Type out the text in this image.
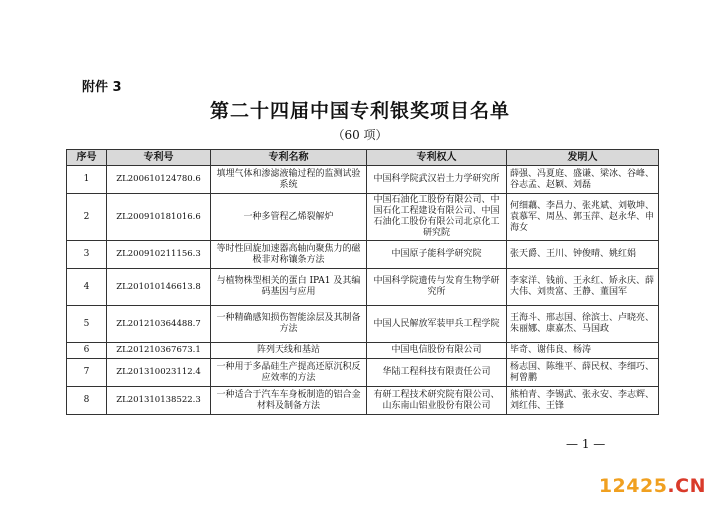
附件 3
第二十四届中国专利银奖项目名单
（60 项）
序号	专利号	专利名称	专利权人	发明人
1	ZL200610124780.6	填埋气体和渗滤液输过程的监测试验系统	中国科学院武汉岩土力学研究所	薛强、冯夏庭、盛谦、梁冰、谷峰、谷志孟、赵颖、刘磊
2	ZL200910181016.6	一种多管程乙烯裂解炉	中国石油化工股份有限公司、中国石化工程建设有限公司、中国石油化工股份有限公司北京化工研究院	何细藕、李昌力、张兆斌、刘敬坤、袁慕军、周丛、郭玉萍、赵永华、申海女
3	ZL200910211156.3	等时性回旋加速器高轴向聚焦力的磁极非对称镶条方法	中国原子能科学研究院	张天爵、王川、钟俊晴、姚红娟
4	ZL201010146613.8	与植物株型相关的蛋白 IPA1 及其编码基因与应用	中国科学院遗传与发育生物学研究所	李家洋、钱前、王永红、矫永庆、薛大伟、刘贵富、王静、董国军
5	ZL201210364488.7	一种精确感知损伤智能涂层及其制备方法	中国人民解放军装甲兵工程学院	王海斗、邢志国、徐滨士、卢晓亮、朱丽娜、康嘉杰、马国政
6	ZL201210367673.1	阵列天线和基站	中国电信股份有限公司	毕奇、谢伟良、杨涛
7	ZL201310023112.4	一种用于多晶硅生产提高还原沉积反应效率的方法	华陆工程科技有限责任公司	杨志国、陈维平、薛民权、李细巧、柯曾鹏
8	ZL201310138522.3	一种适合于汽车车身板制造的铝合金材料及制备方法	有研工程技术研究院有限公司、山东南山铝业股份有限公司	熊柏青、李锡武、张永安、李志辉、刘红伟、王锋
— 1 —
12425.CN
